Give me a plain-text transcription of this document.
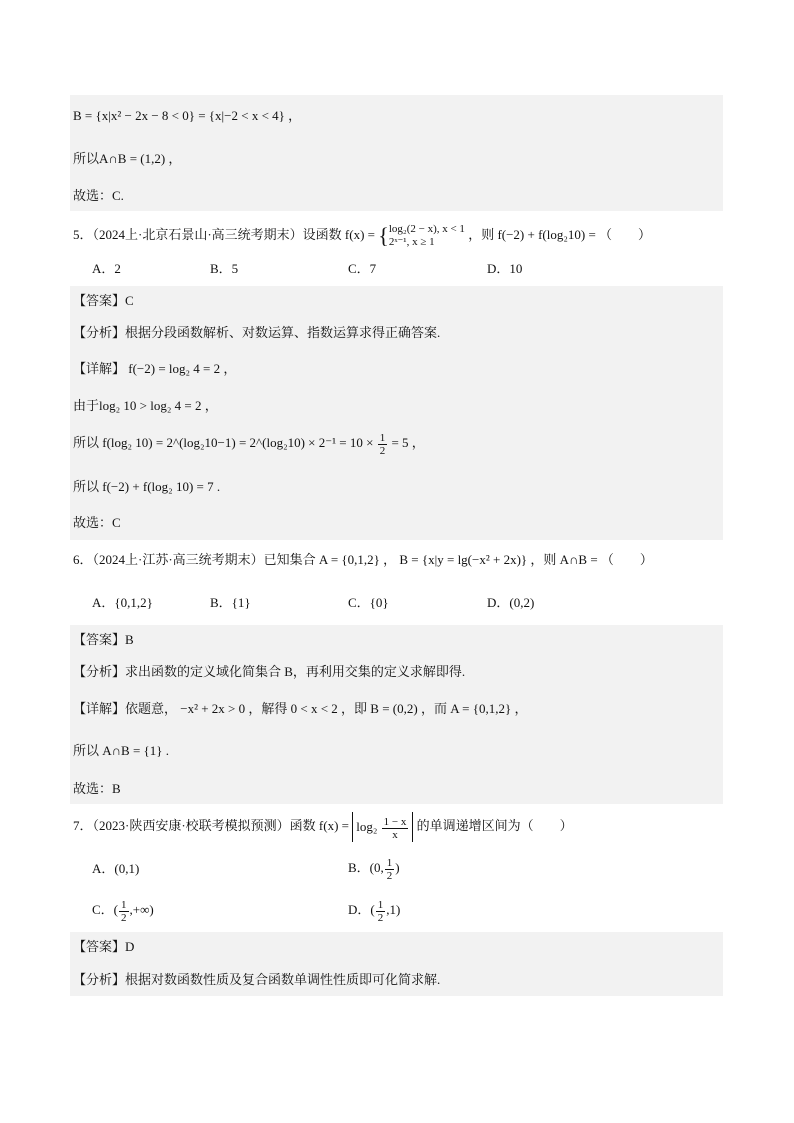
B = {x|x² − 2x − 8 < 0} = {x|−2 < x < 4} ，
所以A∩B = (1,2) ，
故选：C.
5．（2024上·北京石景山·高三统考期末）设函数 f(x) = { log₂(2 − x), x < 1
2ˣ⁻¹, x ≥ 1
，则 f(−2) + f(log₂10) = （　　）
A．2	B．5	C．7	D．10
【答案】C
【分析】根据分段函数解析、对数运算、指数运算求得正确答案.
【详解】 f(−2) = log₂ 4 = 2 ，
由于log₂ 10 > log₂ 4 = 2 ，
所以 f(log₂ 10) = 2^(log₂10−1) = 2^(log₂10) × $2^{-1} = 10 \times \frac{1}{2} = 5$ ，
所以 f(−2) + f(log₂ 10) = 7 .
故选：C
6．（2024上·江苏·高三统考期末）已知集合 A = {0,1,2} ， B = {x|y = lg(−x² + 2x)} ，则 A∩B = （　　）
A．{0,1,2}	B．{1}	C．{0}	D．(0,2)
【答案】B
【分析】求出函数的定义域化简集合 B，再利用交集的定义求解即得.
【详解】依题意， −x² + 2x > 0 ，解得 0 < x < 2 ，即 B = (0,2) ，而 A = {0,1,2} ，
所以 A∩B = {1} .
故选：B
7．（2023·陕西安康·校联考模拟预测）函数 $f(x) = \log_2 \frac{1 - x}{x}$ 的单调递增区间为（　　）
A．(0,1)	B．(0, $\frac{1}{2}$ )
C．( $\frac{1}{2}$ ,+∞)	D．( $\frac{1}{2} ,1$)
【答案】D
【分析】根据对数函数性质及复合函数单调性性质即可化简求解.
